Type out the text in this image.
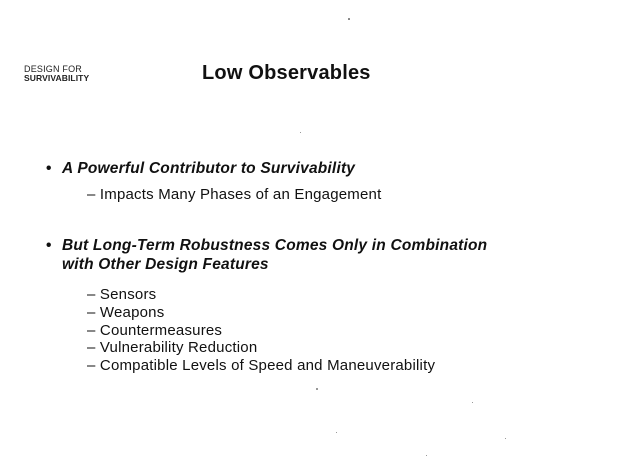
DESIGN FOR
SURVIVABILITY	Low Observables
• A Powerful Contributor to Survivability
– Impacts Many Phases of an Engagement
• But Long-Term Robustness Comes Only in Combination
with Other Design Features
– Sensors
– Weapons
– Countermeasures
– Vulnerability Reduction
– Compatible Levels of Speed and Maneuverability
